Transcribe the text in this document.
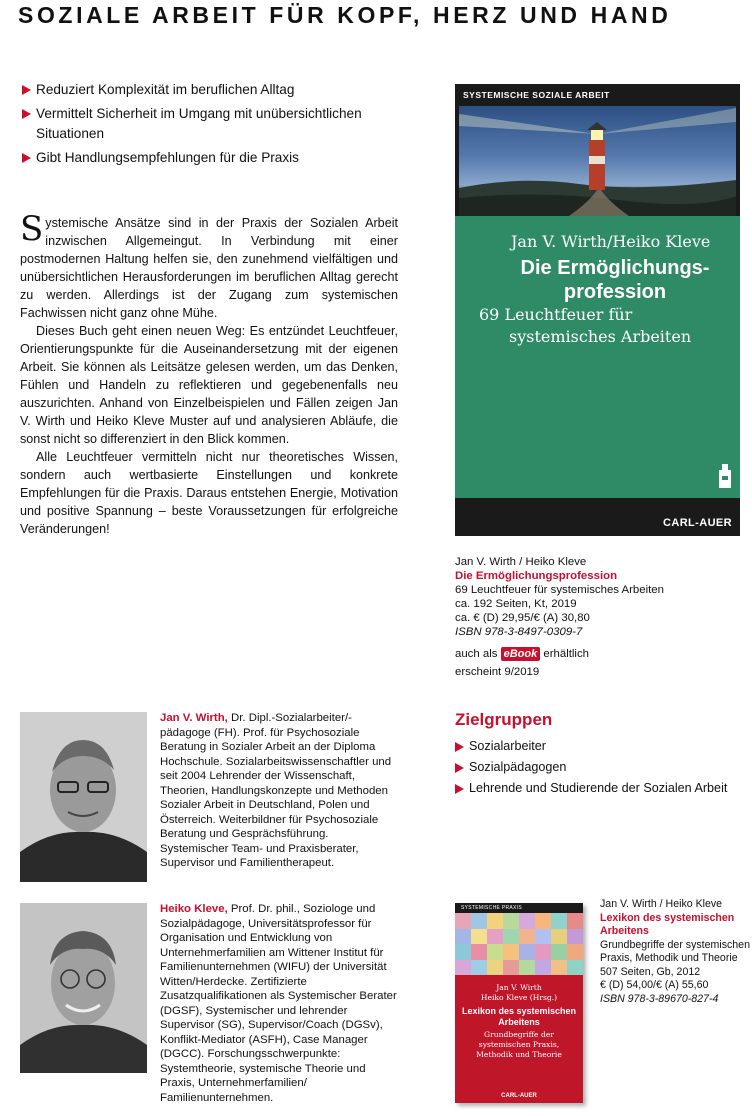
SOZIALE ARBEIT FÜR KOPF, HERZ UND HAND
Reduziert Komplexität im beruflichen Alltag
Vermittelt Sicherheit im Umgang mit unübersichtlichen Situationen
Gibt Handlungsempfehlungen für die Praxis

Systemische Ansätze sind in der Praxis der Sozialen Arbeit inzwischen Allgemeingut. In Verbindung mit einer postmodernen Haltung helfen sie, den zunehmend vielfältigen und unübersichtlichen Herausforderungen im beruflichen Alltag gerecht zu werden. Allerdings ist der Zugang zum systemischen Fachwissen nicht ganz ohne Mühe.

Dieses Buch geht einen neuen Weg: Es entzündet Leuchtfeuer, Orientierungspunkte für die Auseinandersetzung mit der eigenen Arbeit. Sie können als Leitsätze gelesen werden, um das Denken, Fühlen und Handeln zu reflektieren und gegebenenfalls neu auszurichten. Anhand von Einzelbeispielen und Fällen zeigen Jan V. Wirth und Heiko Kleve Muster auf und analysieren Abläufe, die sonst nicht so differenziert in den Blick kommen.

Alle Leuchtfeuer vermitteln nicht nur theoretisches Wissen, sondern auch wertbasierte Einstellungen und konkrete Empfehlungen für die Praxis. Daraus entstehen Energie, Motivation und positive Spannung – beste Voraussetzungen für erfolgreiche Veränderungen!

SYSTEMISCHE SOZIALE ARBEIT
Jan V. Wirth/Heiko Kleve
Die Ermöglichungs-
profession
69 Leuchtfeuer für
systemisches Arbeiten
CARL-AUER
Jan V. Wirth / Heiko Kleve
Die Ermöglichungsprofession
69 Leuchtfeuer für systemisches Arbeiten
ca. 192 Seiten, Kt, 2019
ca. € (D) 29,95/€ (A) 30,80
ISBN 978-3-8497-0309-7
auch als eBook erhältlich
erscheint 9/2019
Jan V. Wirth, Dr. Dipl.-Sozialarbeiter/-pädagoge (FH). Prof. für Psychosoziale Beratung in Sozialer Arbeit an der Diploma Hochschule. Sozialarbeitswissenschaftler und seit 2004 Lehrender der Wissenschaft, Theorien, Handlungskonzepte und Methoden Sozialer Arbeit in Deutschland, Polen und Österreich. Weiterbildner für Psychosoziale Beratung und Gesprächsführung. Systemischer Team- und Praxisberater, Supervisor und Familientherapeut.
Heiko Kleve, Prof. Dr. phil., Soziologe und Sozialpädagoge, Universitätsprofessor für Organisation und Entwicklung von Unternehmerfamilien am Wittener Institut für Familienunternehmen (WIFU) der Universität Witten/Herdecke. Zertifizierte Zusatzqualifikationen als Systemischer Berater (DGSF), Systemischer und lehrender Supervisor (SG), Supervisor/Coach (DGSv), Konflikt-Mediator (ASFH), Case Manager (DGCC). Forschungsschwerpunkte: Systemtheorie, systemische Theorie und Praxis, Unternehmerfamilien/ Familienunternehmen.
Zielgruppen
Sozialarbeiter
Sozialpädagogen
Lehrende und Studierende der Sozialen Arbeit
SYSTEMISCHE PRAXIS
Jan V. Wirth
Heiko Kleve (Hrsg.)
Lexikon des systemischen Arbeitens
Grundbegriffe der systemischen Praxis, Methodik und Theorie
CARL-AUER
Jan V. Wirth / Heiko Kleve
Lexikon des systemischen Arbeitens
Grundbegriffe der systemischen Praxis, Methodik und Theorie
507 Seiten, Gb, 2012
€ (D) 54,00/€ (A) 55,60
ISBN 978-3-89670-827-4
